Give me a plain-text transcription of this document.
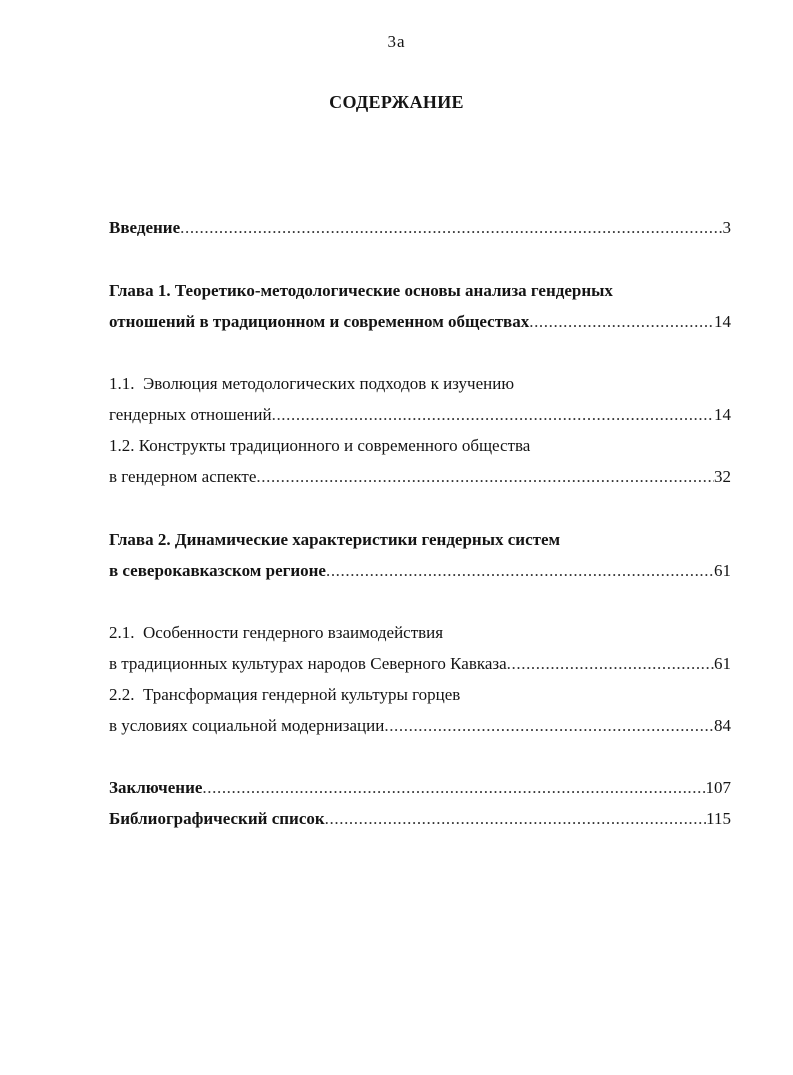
3а
СОДЕРЖАНИЕ
Введение .....	3
Глава 1. Теоретико-методологические основы анализа гендерных
отношений в традиционном и современном обществах .....	14
1.1.  Эволюция методологических подходов к изучению
гендерных отношений .....	14
1.2. Конструкты традиционного и современного общества
в гендерном аспекте .....	32
Глава 2. Динамические характеристики гендерных систем
в северокавказском регионе .....	61
2.1.  Особенности гендерного взаимодействия
в традиционных культурах народов Северного Кавказа .....	61
2.2.  Трансформация гендерной культуры горцев
в условиях социальной модернизации .....	84
Заключение .....	107
Библиографический список .....	115
